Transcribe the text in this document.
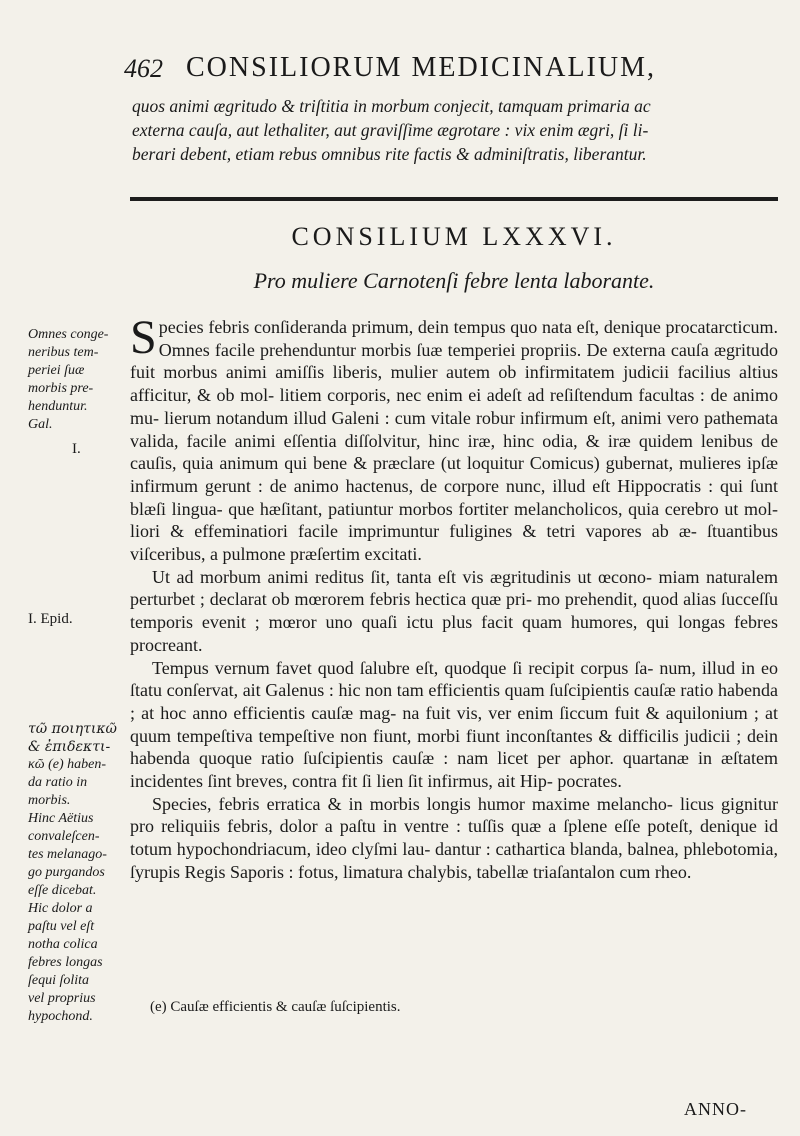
462 CONSILIORUM MEDICINALIUM,

quos animi ægritudo & triſtitia in morbum conjecit, tamquam primaria ac

externa cauſa, aut lethaliter, aut graviſſime ægrotare : vix enim ægri, ſi li-

berari debent, etiam rebus omnibus rite factis & adminiſtratis, liberantur.

CONSILIUM LXXXVI.
Pro muliere Carnotenſi febre lenta laborante.
Omnes conge-
neribus tem-
periei ſuæ
morbis pre-
henduntur.
Gal.
I.
I. Epid.
τῶ ποιητικῶ
& ἐπιδεκτι-
κῶ (e) haben-
da ratio in
morbis.
Hinc Aëtius
convaleſcen-
tes melanago-
go purgandos
eſſe dicebat.
Hic dolor a
paſtu vel eſt
notha colica
febres longas
ſequi ſolita
vel proprius
hypochond.

S pecies febris conſideranda primum, dein tempus quo nata eſt, denique procatarcticum. Omnes facile prehenduntur morbis ſuæ temperiei propriis. De externa cauſa ægritudo fuit morbus animi amiſſis liberis, mulier autem ob infirmitatem judicii facilius altius afficitur, & ob mol- litiem corporis, nec enim ei adeſt ad reſiſtendum facultas : de animo mu- lierum notandum illud Galeni : cum vitale robur infirmum eſt, animi vero pathemata valida, facile animi eſſentia diſſolvitur, hinc iræ, hinc odia, & iræ quidem lenibus de cauſis, quia animum qui bene & præclare (ut loquitur Comicus) gubernat, mulieres ipſæ infirmum gerunt : de animo hactenus, de corpore nunc, illud eſt Hippocratis : qui ſunt blæſi lingua- que hæſitant, patiuntur morbos fortiter melancholicos, quia cerebro ut mol- liori & effeminatiori facile imprimuntur fuligines & tetri vapores ab æ- ſtuantibus viſceribus, a pulmone præſertim excitati.

Ut ad morbum animi reditus ſit, tanta eſt vis ægritudinis ut œcono- miam naturalem perturbet ; declarat ob mœrorem febris hectica quæ pri- mo prehendit, quod alias ſucceſſu temporis evenit ; mœror uno quaſi ictu plus facit quam humores, qui longas febres procreant.

Tempus vernum favet quod ſalubre eſt, quodque ſi recipit corpus ſa- num, illud in eo ſtatu conſervat, ait Galenus : hic non tam efficientis quam ſuſcipientis cauſæ ratio habenda ; at hoc anno efficientis cauſæ mag- na fuit vis, ver enim ſiccum fuit & aquilonium ; at quum tempeſtiva tempeſtive non fiunt, morbi fiunt inconſtantes & difficilis judicii ; dein habenda quoque ratio ſuſcipientis cauſæ : nam licet per aphor. quartanæ in æſtatem incidentes ſint breves, contra fit ſi lien ſit infirmus, ait Hip- pocrates.

Species, febris erratica & in morbis longis humor maxime melancho- licus gignitur pro reliquiis febris, dolor a paſtu in ventre : tuſſis quæ a ſplene eſſe poteſt, denique id totum hypochondriacum, ideo clyſmi lau- dantur : cathartica blanda, balnea, phlebotomia, ſyrupis Regis Saporis : fotus, limatura chalybis, tabellæ triaſantalon cum rheo.

(e) Cauſæ efficientis & cauſæ ſuſcipientis.
ANNO-
